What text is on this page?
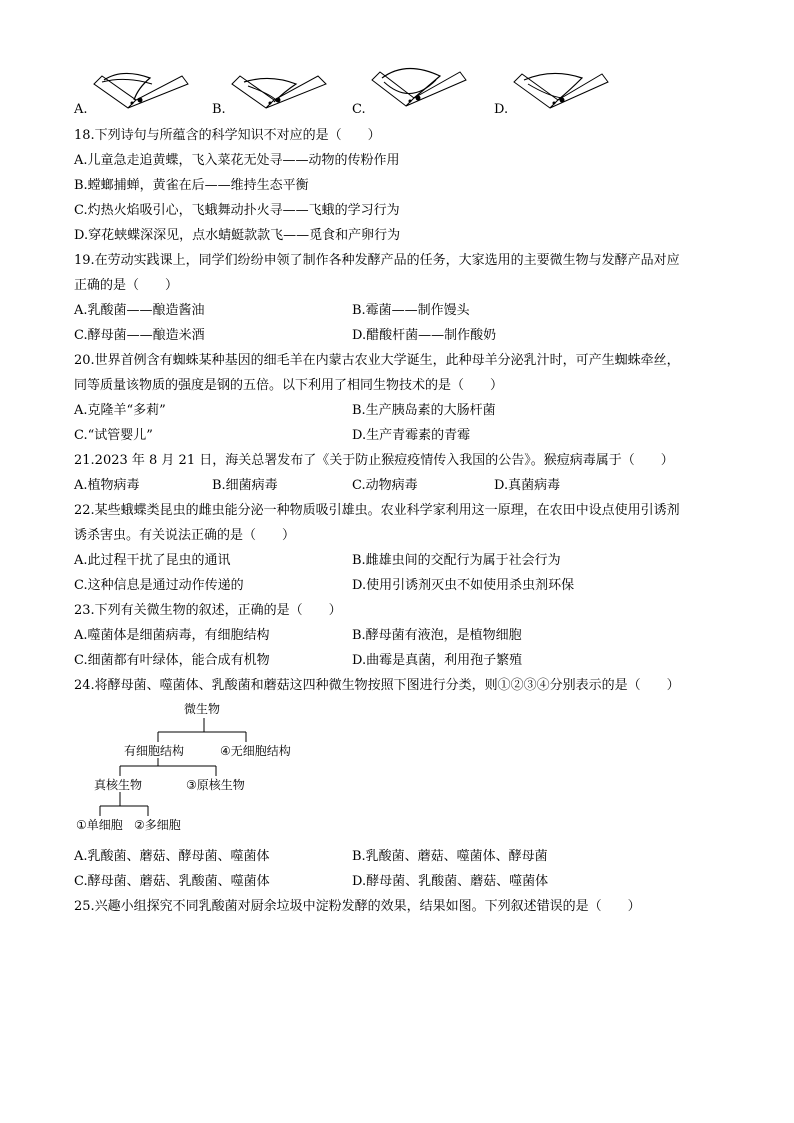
A.	B.	C.	D.
18.下列诗句与所蕴含的科学知识不对应的是（　　）
A.儿童急走追黄蝶，飞入菜花无处寻——动物的传粉作用
B.螳螂捕蝉，黄雀在后——维持生态平衡
C.灼热火焰吸引心，飞蛾舞动扑火寻——飞蛾的学习行为
D.穿花蛱蝶深深见，点水蜻蜓款款飞——觅食和产卵行为
19.在劳动实践课上，同学们纷纷申领了制作各种发酵产品的任务，大家选用的主要微生物与发酵产品对应
正确的是（　　）
A.乳酸菌——酿造酱油	B.霉菌——制作馒头
C.酵母菌——酿造米酒	D.醋酸杆菌——制作酸奶
20.世界首例含有蜘蛛某种基因的细毛羊在内蒙古农业大学诞生，此种母羊分泌乳汁时，可产生蜘蛛牵丝，
同等质量该物质的强度是钢的五倍。以下利用了相同生物技术的是（　　）
A.克隆羊“多莉”	B.生产胰岛素的大肠杆菌
C.“试管婴儿”	D.生产青霉素的青霉
21.2023 年 8 月 21 日，海关总署发布了《关于防止猴痘疫情传入我国的公告》。猴痘病毒属于（　　）
A.植物病毒	B.细菌病毒	C.动物病毒	D.真菌病毒
22.某些蛾蝶类昆虫的雌虫能分泌一种物质吸引雄虫。农业科学家利用这一原理，在农田中设点使用引诱剂
诱杀害虫。有关说法正确的是（　　）
A.此过程干扰了昆虫的通讯	B.雌雄虫间的交配行为属于社会行为
C.这种信息是通过动作传递的	D.使用引诱剂灭虫不如使用杀虫剂环保
23.下列有关微生物的叙述，正确的是（　　）
A.噬菌体是细菌病毒，有细胞结构	B.酵母菌有液泡，是植物细胞
C.细菌都有叶绿体，能合成有机物	D.曲霉是真菌，利用孢子繁殖
24.将酵母菌、噬菌体、乳酸菌和蘑菇这四种微生物按照下图进行分类，则①②③④分别表示的是（　　）
微生物
有细胞结构	④无细胞结构
真核生物	③原核生物
①单细胞 ②多细胞
A.乳酸菌、蘑菇、酵母菌、噬菌体	B.乳酸菌、蘑菇、噬菌体、酵母菌
C.酵母菌、蘑菇、乳酸菌、噬菌体	D.酵母菌、乳酸菌、蘑菇、噬菌体
25.兴趣小组探究不同乳酸菌对厨余垃圾中淀粉发酵的效果，结果如图。下列叙述错误的是（　　）
